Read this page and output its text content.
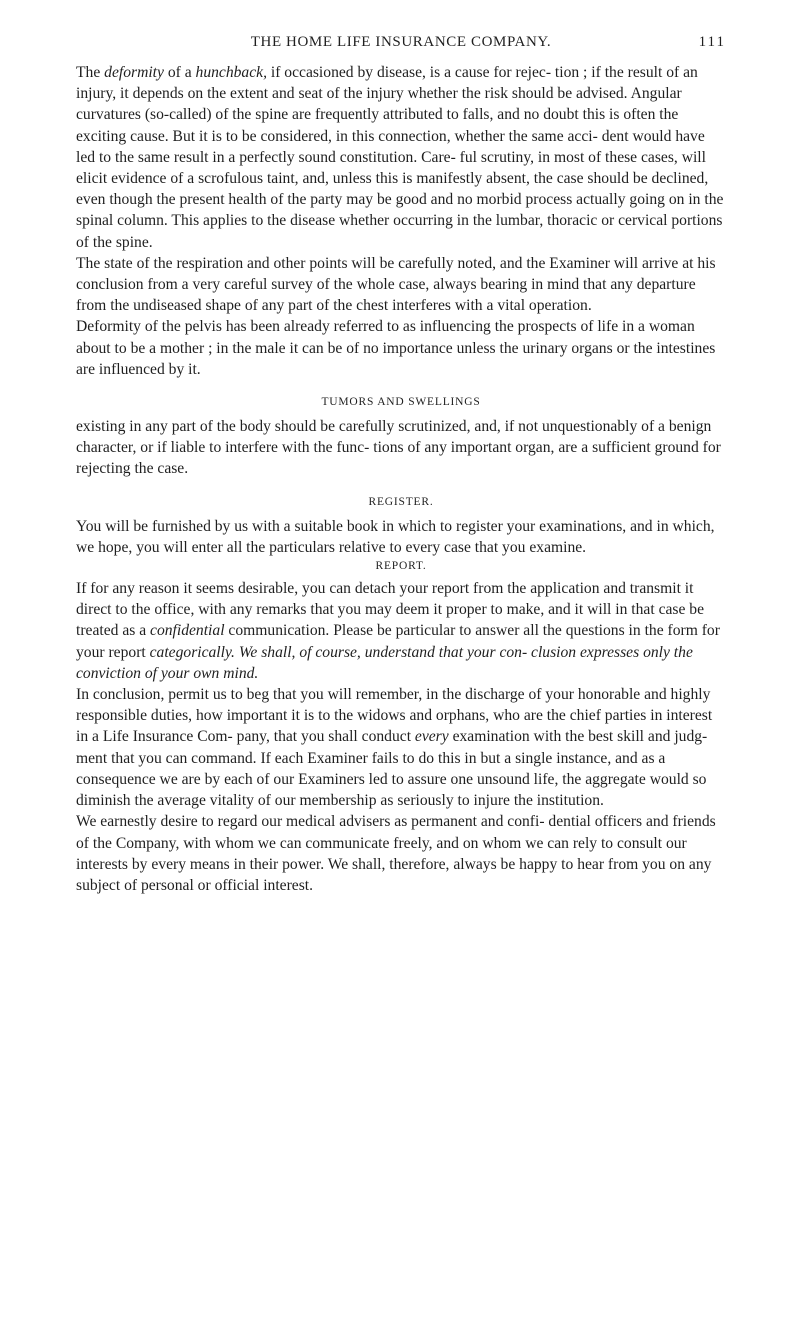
THE HOME LIFE INSURANCE COMPANY.	111

The deformity of a hunchback, if occasioned by disease, is a cause for rejec- tion ; if the result of an injury, it depends on the extent and seat of the injury whether the risk should be advised. Angular curvatures (so-called) of the spine are frequently attributed to falls, and no doubt this is often the exciting cause. But it is to be considered, in this connection, whether the same acci- dent would have led to the same result in a perfectly sound constitution. Care- ful scrutiny, in most of these cases, will elicit evidence of a scrofulous taint, and, unless this is manifestly absent, the case should be declined, even though the present health of the party may be good and no morbid process actually going on in the spinal column. This applies to the disease whether occurring in the lumbar, thoracic or cervical portions of the spine.

The state of the respiration and other points will be carefully noted, and the Examiner will arrive at his conclusion from a very careful survey of the whole case, always bearing in mind that any departure from the undiseased shape of any part of the chest interferes with a vital operation.

Deformity of the pelvis has been already referred to as influencing the prospects of life in a woman about to be a mother ; in the male it can be of no importance unless the urinary organs or the intestines are influenced by it.

TUMORS AND SWELLINGS

existing in any part of the body should be carefully scrutinized, and, if not unquestionably of a benign character, or if liable to interfere with the func- tions of any important organ, are a sufficient ground for rejecting the case.

REGISTER.

You will be furnished by us with a suitable book in which to register your examinations, and in which, we hope, you will enter all the particulars relative to every case that you examine.

REPORT.

If for any reason it seems desirable, you can detach your report from the application and transmit it direct to the office, with any remarks that you may deem it proper to make, and it will in that case be treated as a confidential communication. Please be particular to answer all the questions in the form for your report categorically. We shall, of course, understand that your con- clusion expresses only the conviction of your own mind.

In conclusion, permit us to beg that you will remember, in the discharge of your honorable and highly responsible duties, how important it is to the widows and orphans, who are the chief parties in interest in a Life Insurance Com- pany, that you shall conduct every examination with the best skill and judg- ment that you can command. If each Examiner fails to do this in but a single instance, and as a consequence we are by each of our Examiners led to assure one unsound life, the aggregate would so diminish the average vitality of our membership as seriously to injure the institution.

We earnestly desire to regard our medical advisers as permanent and confi- dential officers and friends of the Company, with whom we can communicate freely, and on whom we can rely to consult our interests by every means in their power. We shall, therefore, always be happy to hear from you on any subject of personal or official interest.
